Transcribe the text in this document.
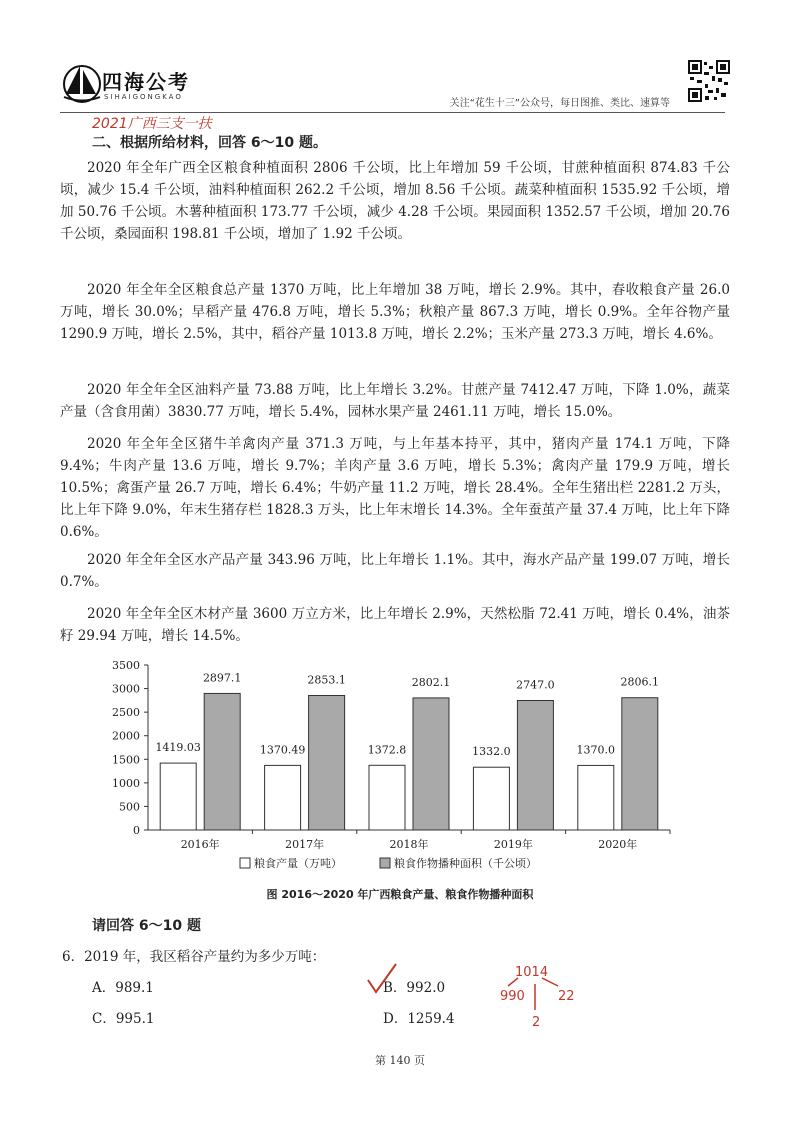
四海公考
SIHAIGONGKAO
关注“花生十三”公众号，每日图推、类比、速算等
2021广西三支一扶
二、根据所给材料，回答 6～10 题。

2020 年全年广西全区粮食种植面积 2806 千公顷，比上年增加 59 千公顷，甘蔗种植面积 874.83 千公顷，减少 15.4 千公顷，油料种植面积 262.2 千公顷，增加 8.56 千公顷。蔬菜种植面积 1535.92 千公顷，增加 50.76 千公顷。木薯种植面积 173.77 千公顷，减少 4.28 千公顷。果园面积 1352.57 千公顷，增加 20.76 千公顷，桑园面积 198.81 千公顷，增加了 1.92 千公顷。

2020 年全年全区粮食总产量 1370 万吨，比上年增加 38 万吨，增长 2.9%。其中，春收粮食产量 26.0 万吨，增长 30.0%；早稻产量 476.8 万吨，增长 5.3%；秋粮产量 867.3 万吨，增长 0.9%。全年谷物产量 1290.9 万吨，增长 2.5%，其中，稻谷产量 1013.8 万吨，增长 2.2%；玉米产量 273.3 万吨，增长 4.6%。

2020 年全年全区油料产量 73.88 万吨，比上年增长 3.2%。甘蔗产量 7412.47 万吨，下降 1.0%，蔬菜产量（含食用菌）3830.77 万吨，增长 5.4%，园林水果产量 2461.11 万吨，增长 15.0%。

2020 年全年全区猪牛羊禽肉产量 371.3 万吨，与上年基本持平，其中，猪肉产量 174.1 万吨，下降 9.4%；牛肉产量 13.6 万吨，增长 9.7%；羊肉产量 3.6 万吨，增长 5.3%；禽肉产量 179.9 万吨，增长 10.5%；禽蛋产量 26.7 万吨，增长 6.4%；牛奶产量 11.2 万吨，增长 28.4%。全年生猪出栏 2281.2 万头，比上年下降 9.0%，年末生猪存栏 1828.3 万头，比上年末增长 14.3%。全年蚕茧产量 37.4 万吨，比上年下降 0.6%。

2020 年全年全区水产品产量 343.96 万吨，比上年增长 1.1%。其中，海水产品产量 199.07 万吨，增长 0.7%。

2020 年全年全区木材产量 3600 万立方米，比上年增长 2.9%，天然松脂 72.41 万吨，增长 0.4%，油茶籽 29.94 万吨，增长 14.5%。

0
500
1000
1500
2000
2500
3000
3500
2016年
1419.03
2897.1
2017年
1370.49
2853.1
2018年
1372.8
2802.1
2019年
1332.0
2747.0
2020年
1370.0
2806.1
粮食产量（万吨）	粮食作物播种面积（千公顷）
图 2016～2020 年广西粮食产量、粮食作物播种面积
请回答 6～10 题
6．2019 年，我区稻谷产量约为多少万吨：
A．989.1	B．992.0
C．995.1	D．1259.4
1014
990	22
2
第 140 页
